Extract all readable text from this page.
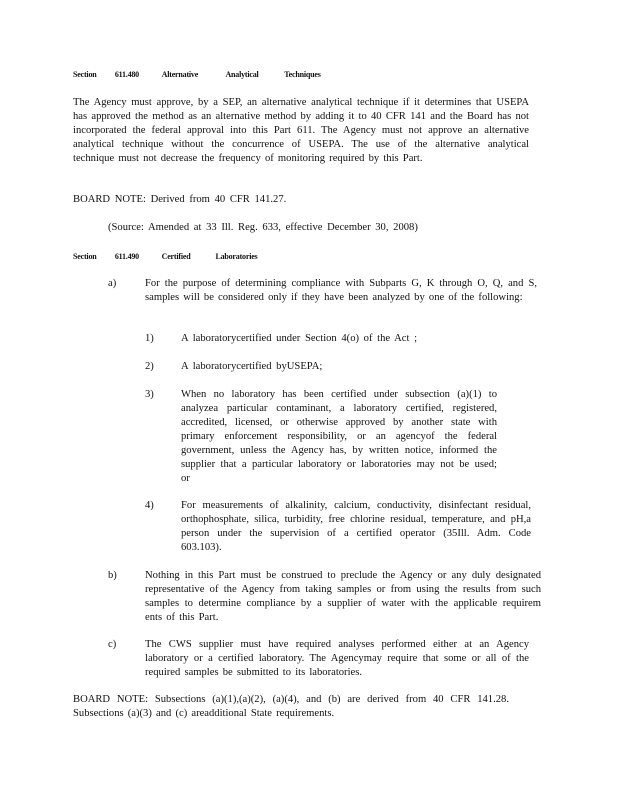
Section 611.480	Alternative	Analytical	Techniques
The Agency must approve, by a SEP, an alternative analytical technique if it determines that USEPA has approved the method as an alternative method by adding it to 40 CFR 141 and the Board has not incorporated the federal approval into this Part 611. The Agency must not approve an alternative analytical technique without the concurrence of USEPA. The use of the alternative analytical technique must not decrease the frequency of monitoring required by this Part.
BOARD NOTE: Derived from 40 CFR 141.27.
(Source: Amended at 33 Ill. Reg. 633, effective December 30, 2008)
Section 611.490	Certified	Laboratories
a)	For the purpose of determining compliance with Subparts G, K through O, Q, and S, samples will be considered only if they have been analyzed by one of the following:
1)	A laboratorycertified under Section 4(o) of the Act ;
2)	A laboratorycertified byUSEPA;
3)	When no laboratory has been certified under subsection (a)(1) to analyzea particular contaminant, a laboratory certified, registered, accredited, licensed, or otherwise approved by another state with primary enforcement responsibility, or an agencyof the federal government, unless the Agency has, by written notice, informed the supplier that a particular laboratory or laboratories may not be used; or
4)	For measurements of alkalinity, calcium, conductivity, disinfectant residual, orthophosphate, silica, turbidity, free chlorine residual, temperature, and pH,a person under the supervision of a certified operator (35Ill. Adm. Code 603.103).
b)	Nothing in this Part must be construed to preclude the Agency or any duly designated representative of the Agency from taking samples or from using the results from such samples to determine compliance by a supplier of water with the applicable requirem ents of this Part.
c)	The CWS supplier must have required analyses performed either at an Agency laboratory or a certified laboratory. The Agencymay require that some or all of the required samples be submitted to its laboratories.
BOARD NOTE: Subsections (a)(1),(a)(2), (a)(4), and (b) are derived from 40 CFR 141.28. Subsections (a)(3) and (c) areadditional State requirements.
